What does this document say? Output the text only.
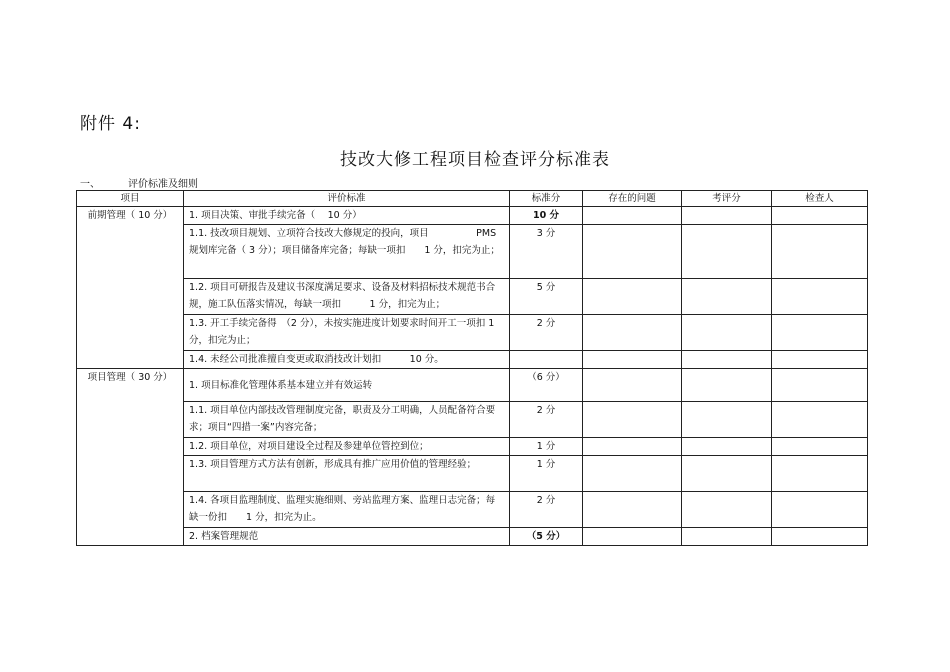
附件 4:
技改大修工程项目检查评分标准表
一、	评价标准及细则
项目	评价标准	标准分	存在的问题	考评分	检查人
前期管理（ 10 分）	1. 项目决策、审批手续完备（　 10 分）	10 分			
	1.1. 技改项目规划、立项符合技改大修规定的投向，项目　　　　　PMS 规划库完备（ 3 分）；项目储备库完备；每缺一项扣　　1 分，扣完为止；	3 分			
	1.2. 项目可研报告及建议书深度满足要求、设备及材料招标技术规范书合规，施工队伍落实情况，每缺一项扣　　　1 分，扣完为止；	5 分			
	1.3. 开工手续完备得　（2 分），未按实施进度计划要求时间开工一项扣 1 分，扣完为止；	2 分			
	1.4. 未经公司批准擅自变更或取消技改计划扣　　　10 分。				
项目管理（ 30 分）	1. 项目标准化管理体系基本建立并有效运转	（6 分）			
	1.1. 项目单位内部技改管理制度完备，职责及分工明确，人员配备符合要求；项目“四措一案”内容完备；	2 分			
	1.2. 项目单位，对项目建设全过程及参建单位管控到位；	1 分			
	1.3. 项目管理方式方法有创新，形成具有推广应用价值的管理经验；	1 分			
	1.4. 各项目监理制度、监理实施细则、旁站监理方案、监理日志完备；每缺一份扣　　1 分，扣完为止。	2 分			
	2. 档案管理规范	（5 分）			
